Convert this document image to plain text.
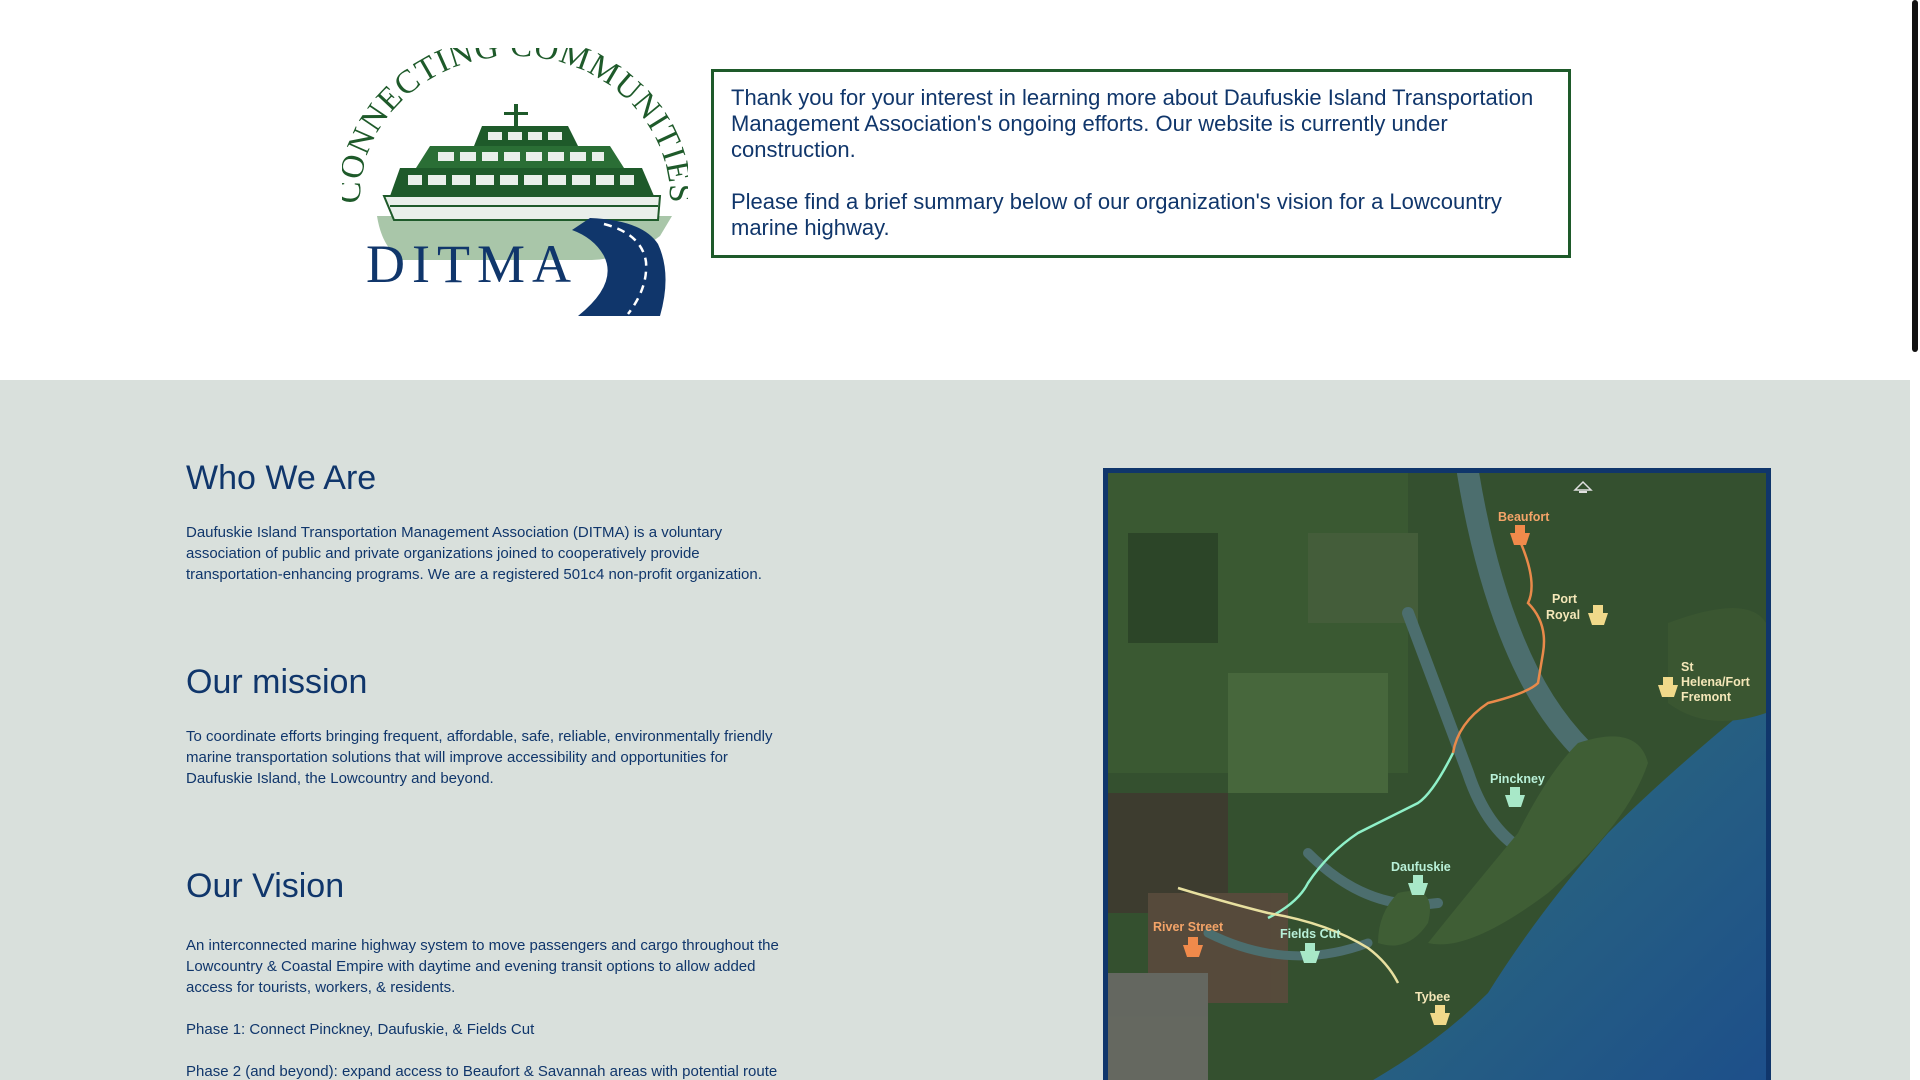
NNECTING OMMUNIT
DITMA

Thank you for your interest in learning more about Daufuskie Island Transportation Management Association's ongoing efforts. Our website is currently under construction.

Please find a brief summary below of our organization's vision for a Lowcountry marine highway.

Who We Are

Daufuskie Island Transportation Management Association (DITMA) is a voluntary association of public and private organizations joined to cooperatively provide transportation-enhancing programs. We are a registered 501c4 non-profit organization.

Our mission

To coordinate efforts bringing frequent, affordable, safe, reliable, environmentally friendly marine transportation solutions that will improve accessibility and opportunities for Daufuskie Island, the Lowcountry and beyond.

Our Vision

An interconnected marine highway system to move passengers and cargo throughout the Lowcountry & Coastal Empire with daytime and evening transit options to allow added access for tourists, workers, & residents.

Phase 1: Connect Pinckney, Daufuskie, & Fields Cut

Phase 2 (and beyond): expand access to Beaufort & Savannah areas with potential route

Beaufort
Port
Royal
St
Helena/Fort
Fremont
Pinckney
Daufuskie
Fields Cut
River Street
Tybee
